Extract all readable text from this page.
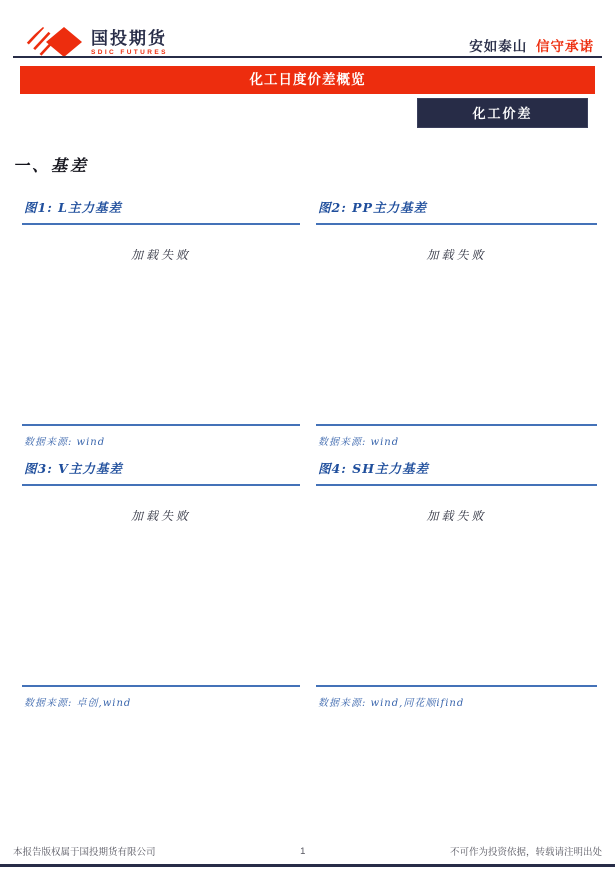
国投期货
SDIC FUTURES	安如泰山 信守承诺
化工日度价差概览
化工价差
一、基差
图1: L主力基差
加载失败
数据来源: wind
图2: PP主力基差
加载失败
数据来源: wind
图3: V主力基差
加载失败
数据来源: 卓创,wind
图4: SH主力基差
加载失败
数据来源: wind,同花顺ifind
本报告版权属于国投期货有限公司	1	不可作为投资依据，转载请注明出处
